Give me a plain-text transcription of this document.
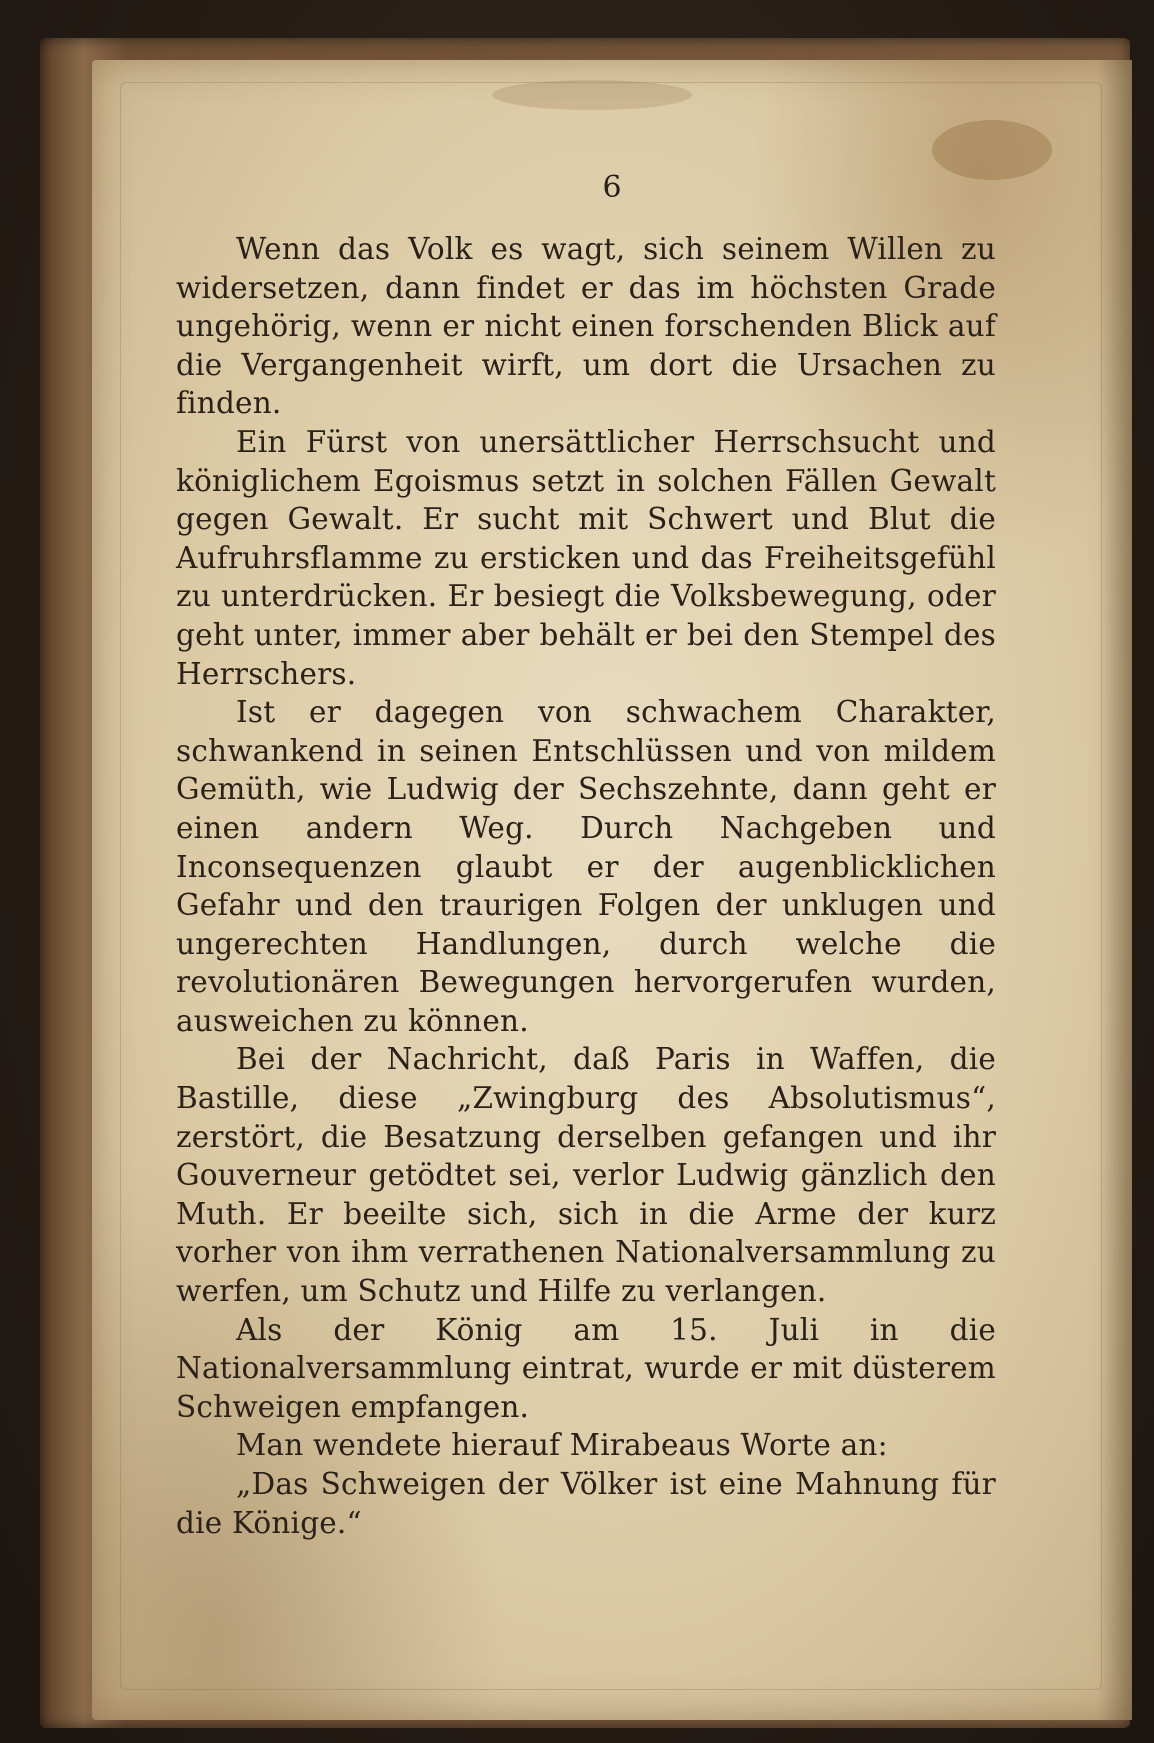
6

Wenn das Volk es wagt, sich seinem Willen zu widersetzen, dann findet er das im höchsten Grade ungehörig, wenn er nicht einen forschenden Blick auf die Vergangenheit wirft, um dort die Ursachen zu finden.

Ein Fürst von unersättlicher Herrschsucht und königlichem Egoismus setzt in solchen Fällen Gewalt gegen Gewalt. Er sucht mit Schwert und Blut die Aufruhrsflamme zu ersticken und das Freiheitsgefühl zu unterdrücken. Er besiegt die Volksbewegung, oder geht unter, immer aber behält er bei den Stempel des Herrschers.

Ist er dagegen von schwachem Charakter, schwankend in seinen Entschlüssen und von mildem Gemüth, wie Ludwig der Sechszehnte, dann geht er einen andern Weg. Durch Nachgeben und Inconsequenzen glaubt er der augenblicklichen Gefahr und den traurigen Folgen der unklugen und ungerechten Handlungen, durch welche die revolutionären Bewegungen hervorgerufen wurden, ausweichen zu können.

Bei der Nachricht, daß Paris in Waffen, die Bastille, diese „Zwingburg des Absolutismus“, zerstört, die Besatzung derselben gefangen und ihr Gouverneur getödtet sei, verlor Ludwig gänzlich den Muth. Er beeilte sich, sich in die Arme der kurz vorher von ihm verrathenen Nationalversammlung zu werfen, um Schutz und Hilfe zu verlangen.

Als der König am 15. Juli in die Nationalversammlung eintrat, wurde er mit düsterem Schweigen empfangen.

Man wendete hierauf Mirabeaus Worte an:

„Das Schweigen der Völker ist eine Mahnung für die Könige.“
